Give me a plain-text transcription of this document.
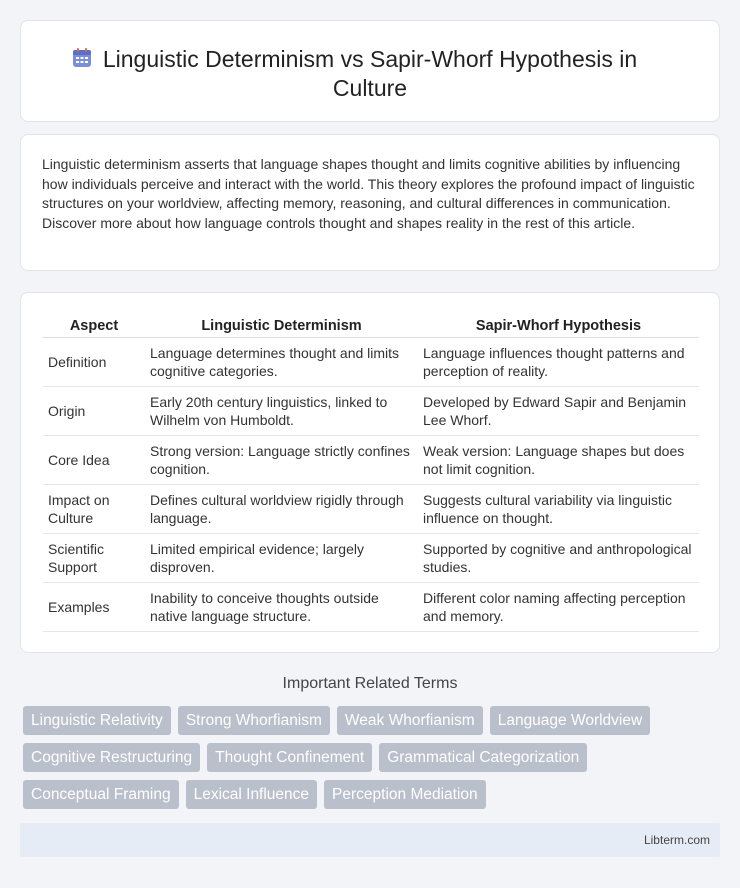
Linguistic Determinism vs Sapir-Whorf Hypothesis in Culture

Linguistic determinism asserts that language shapes thought and limits cognitive abilities by influencing how individuals perceive and interact with the world. This theory explores the profound impact of linguistic structures on your worldview, affecting memory, reasoning, and cultural differences in communication. Discover more about how language controls thought and shapes reality in the rest of this article.

Aspect	Linguistic Determinism	Sapir-Whorf Hypothesis
Definition	Language determines thought and limits cognitive categories.	Language influences thought patterns and perception of reality.
Origin	Early 20th century linguistics, linked to Wilhelm von Humboldt.	Developed by Edward Sapir and Benjamin Lee Whorf.
Core Idea	Strong version: Language strictly confines cognition.	Weak version: Language shapes but does not limit cognition.
Impact on Culture	Defines cultural worldview rigidly through language.	Suggests cultural variability via linguistic influence on thought.
Scientific Support	Limited empirical evidence; largely disproven.	Supported by cognitive and anthropological studies.
Examples	Inability to conceive thoughts outside native language structure.	Different color naming affecting perception and memory.
Important Related Terms
Linguistic Relativity	Strong Whorfianism	Weak Whorfianism	Language Worldview
Cognitive Restructuring	Thought Confinement	Grammatical Categorization
Conceptual Framing	Lexical Influence	Perception Mediation
Libterm.com
